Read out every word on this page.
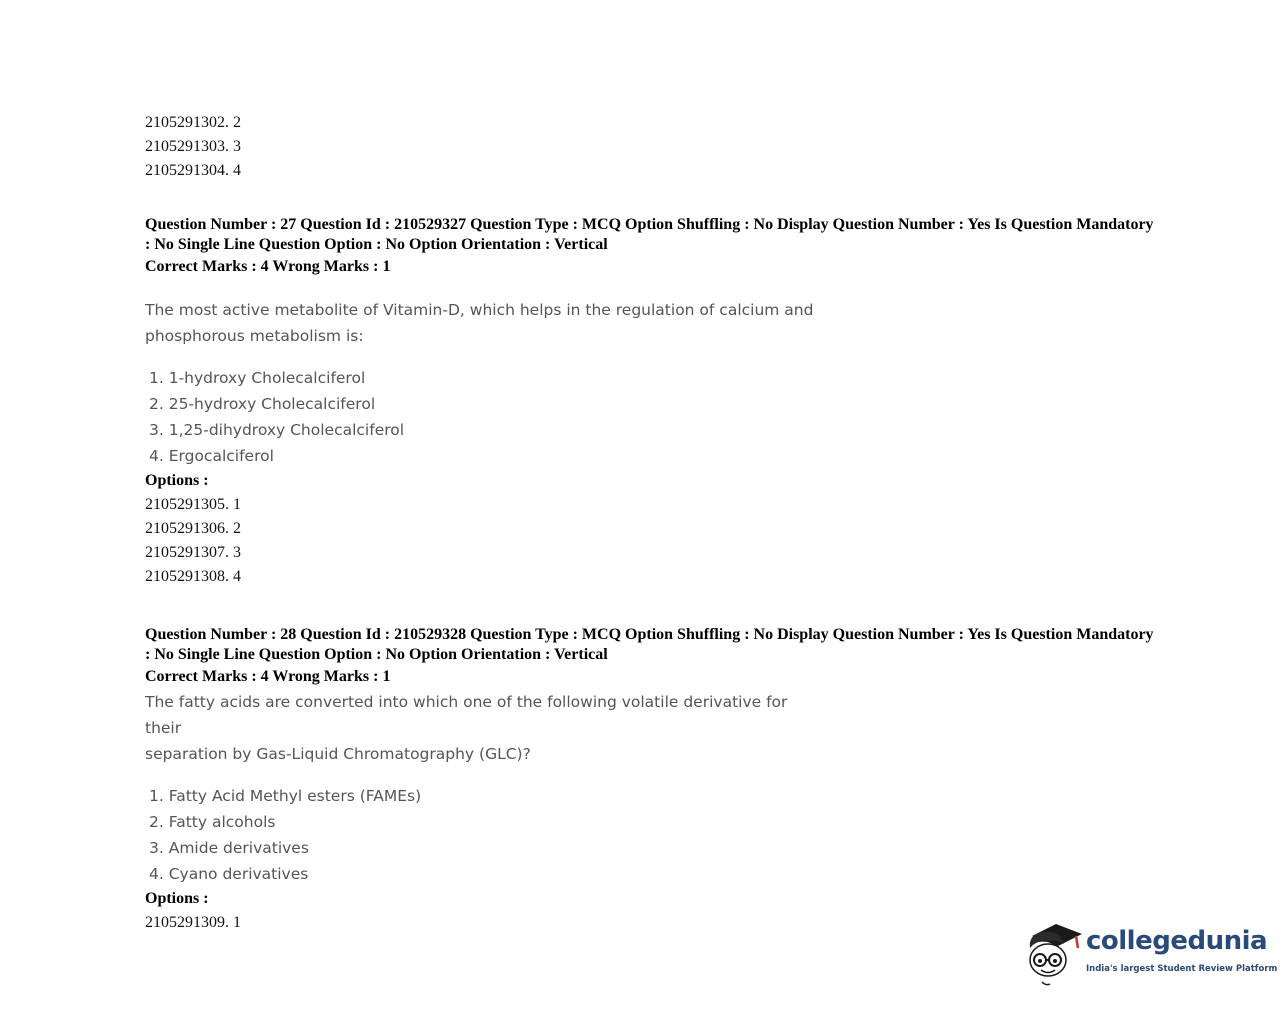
2105291302. 2
2105291303. 3
2105291304. 4
Question Number : 27 Question Id : 210529327 Question Type : MCQ Option Shuffling : No Display Question Number : Yes Is Question Mandatory : No Single Line Question Option : No Option Orientation : Vertical
Correct Marks : 4 Wrong Marks : 1
The most active metabolite of Vitamin-D, which helps in the regulation of calcium and
phosphorous metabolism is:
1. 1-hydroxy Cholecalciferol
2. 25-hydroxy Cholecalciferol
3. 1,25-dihydroxy Cholecalciferol
4. Ergocalciferol
Options :
2105291305. 1
2105291306. 2
2105291307. 3
2105291308. 4
Question Number : 28 Question Id : 210529328 Question Type : MCQ Option Shuffling : No Display Question Number : Yes Is Question Mandatory : No Single Line Question Option : No Option Orientation : Vertical
Correct Marks : 4 Wrong Marks : 1
The fatty acids are converted into which one of the following volatile derivative for their
separation by Gas-Liquid Chromatography (GLC)?
1. Fatty Acid Methyl esters (FAMEs)
2. Fatty alcohols
3. Amide derivatives
4. Cyano derivatives
Options :
2105291309. 1
collegedunia
India's largest Student Review Platform
